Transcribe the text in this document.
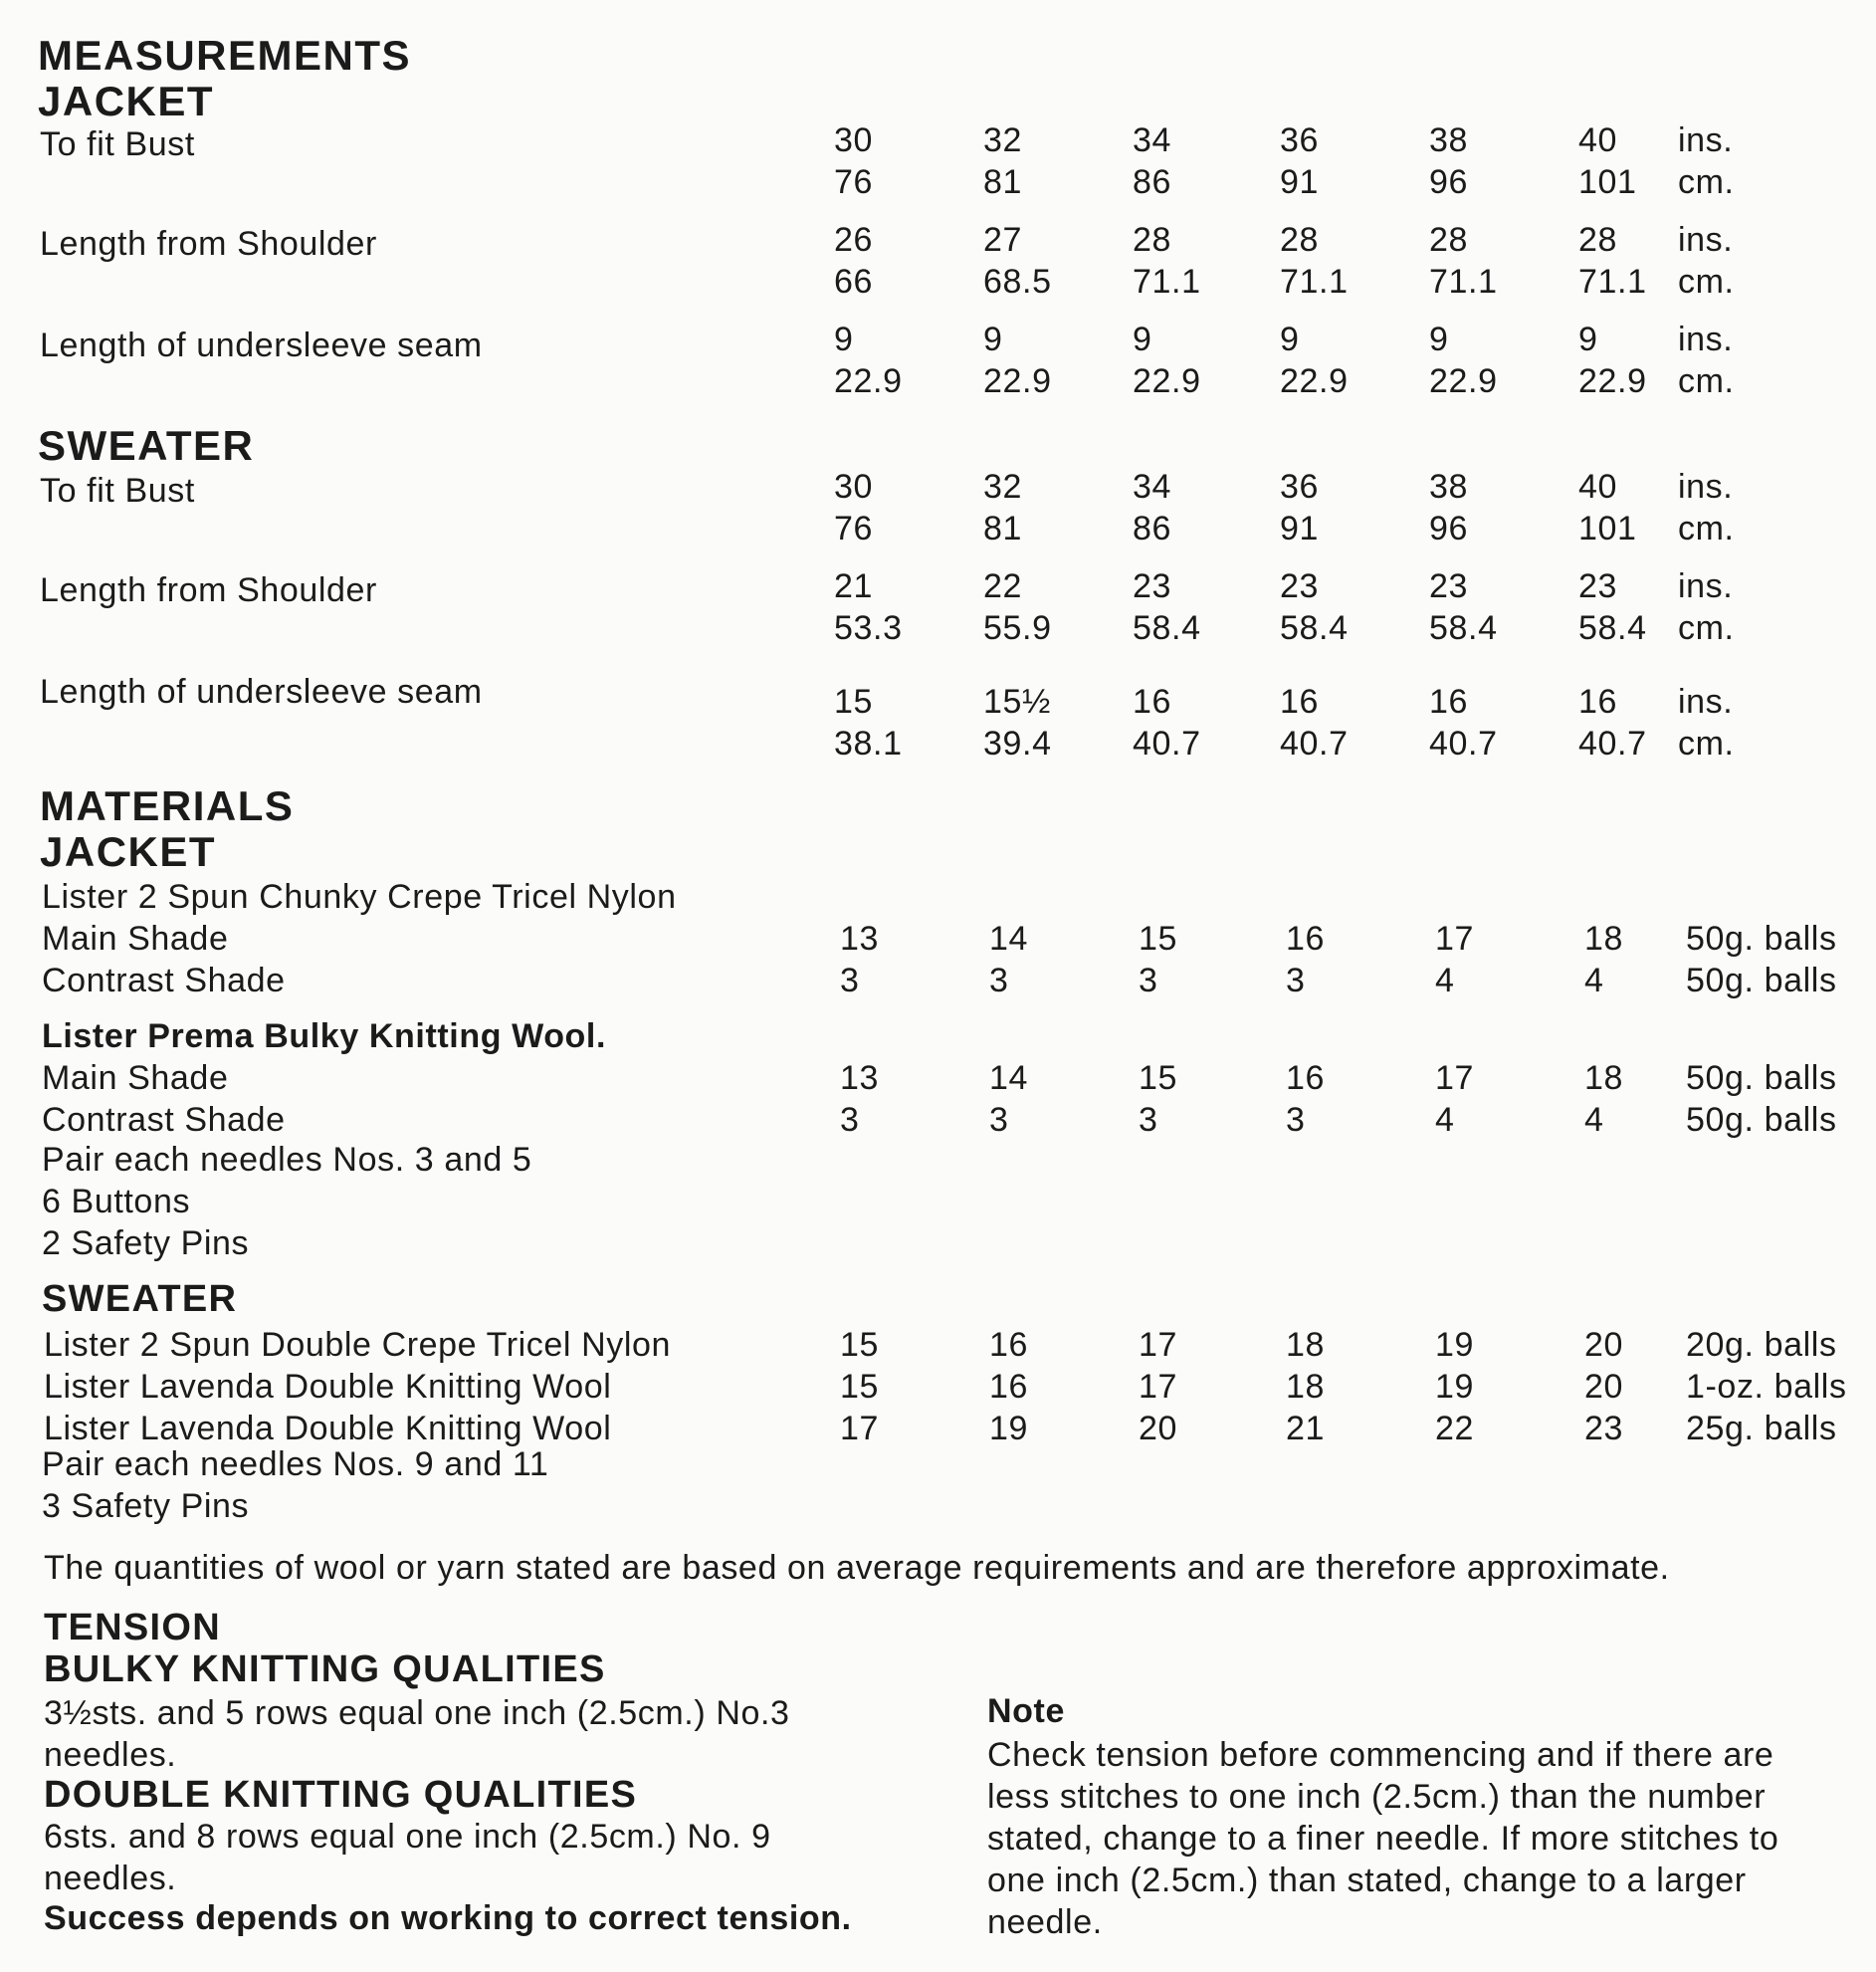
MEASUREMENTS
JACKET
To fit Bust	30	32	34	36	38	40 ins.
76	81	86	91	96	101 cm.
Length from Shoulder	26	27	28	28	28	28 ins.
66	68.5 71.1 71.1 71.1 71.1 cm.
Length of undersleeve seam	9	9	9	9	9	9 ins.
22.9 22.9 22.9 22.9 22.9 22.9 cm.
SWEATER
To fit Bust	30	32	34	36	38	40 ins.
76	81	86	91	96	101 cm.
Length from Shoulder	21	22	23	23	23	23 ins.
53.3 55.9 58.4 58.4 58.4 58.4 cm.
Length of undersleeve seam	15	15½ 16	16	16	16 ins.
38.1 39.4 40.7 40.7 40.7 40.7 cm.
MATERIALS
JACKET
Lister 2 Spun Chunky Crepe Tricel Nylon
Main Shade	13	14	15	16	17	18 50g. balls
Contrast Shade	3	3	3	3	4	4 50g. balls
Lister Prema Bulky Knitting Wool.
Main Shade	13	14	15	16	17	18 50g. balls
Contrast Shade	3	3	3	3	4	4 50g. balls
Pair each needles Nos. 3 and 5
6 Buttons
2 Safety Pins
SWEATER
Lister 2 Spun Double Crepe Tricel Nylon	15	16	17	18	19	20 20g. balls
Lister Lavenda Double Knitting Wool	15	16	17	18	19	20 1-oz. balls
Lister Lavenda Double Knitting Wool	17	19	20	21	22	23 25g. balls
Pair each needles Nos. 9 and 11
3 Safety Pins
The quantities of wool or yarn stated are based on average requirements and are therefore approximate.
TENSION
BULKY KNITTING QUALITIES
3½sts. and 5 rows equal one inch (2.5cm.) No.3 needles.
DOUBLE KNITTING QUALITIES
6sts. and 8 rows equal one inch (2.5cm.) No. 9 needles.
Success depends on working to correct tension.
Note
Check tension before commencing and if there are less stitches to one inch (2.5cm.) than the number stated, change to a finer needle. If more stitches to one inch (2.5cm.) than stated, change to a larger needle.
